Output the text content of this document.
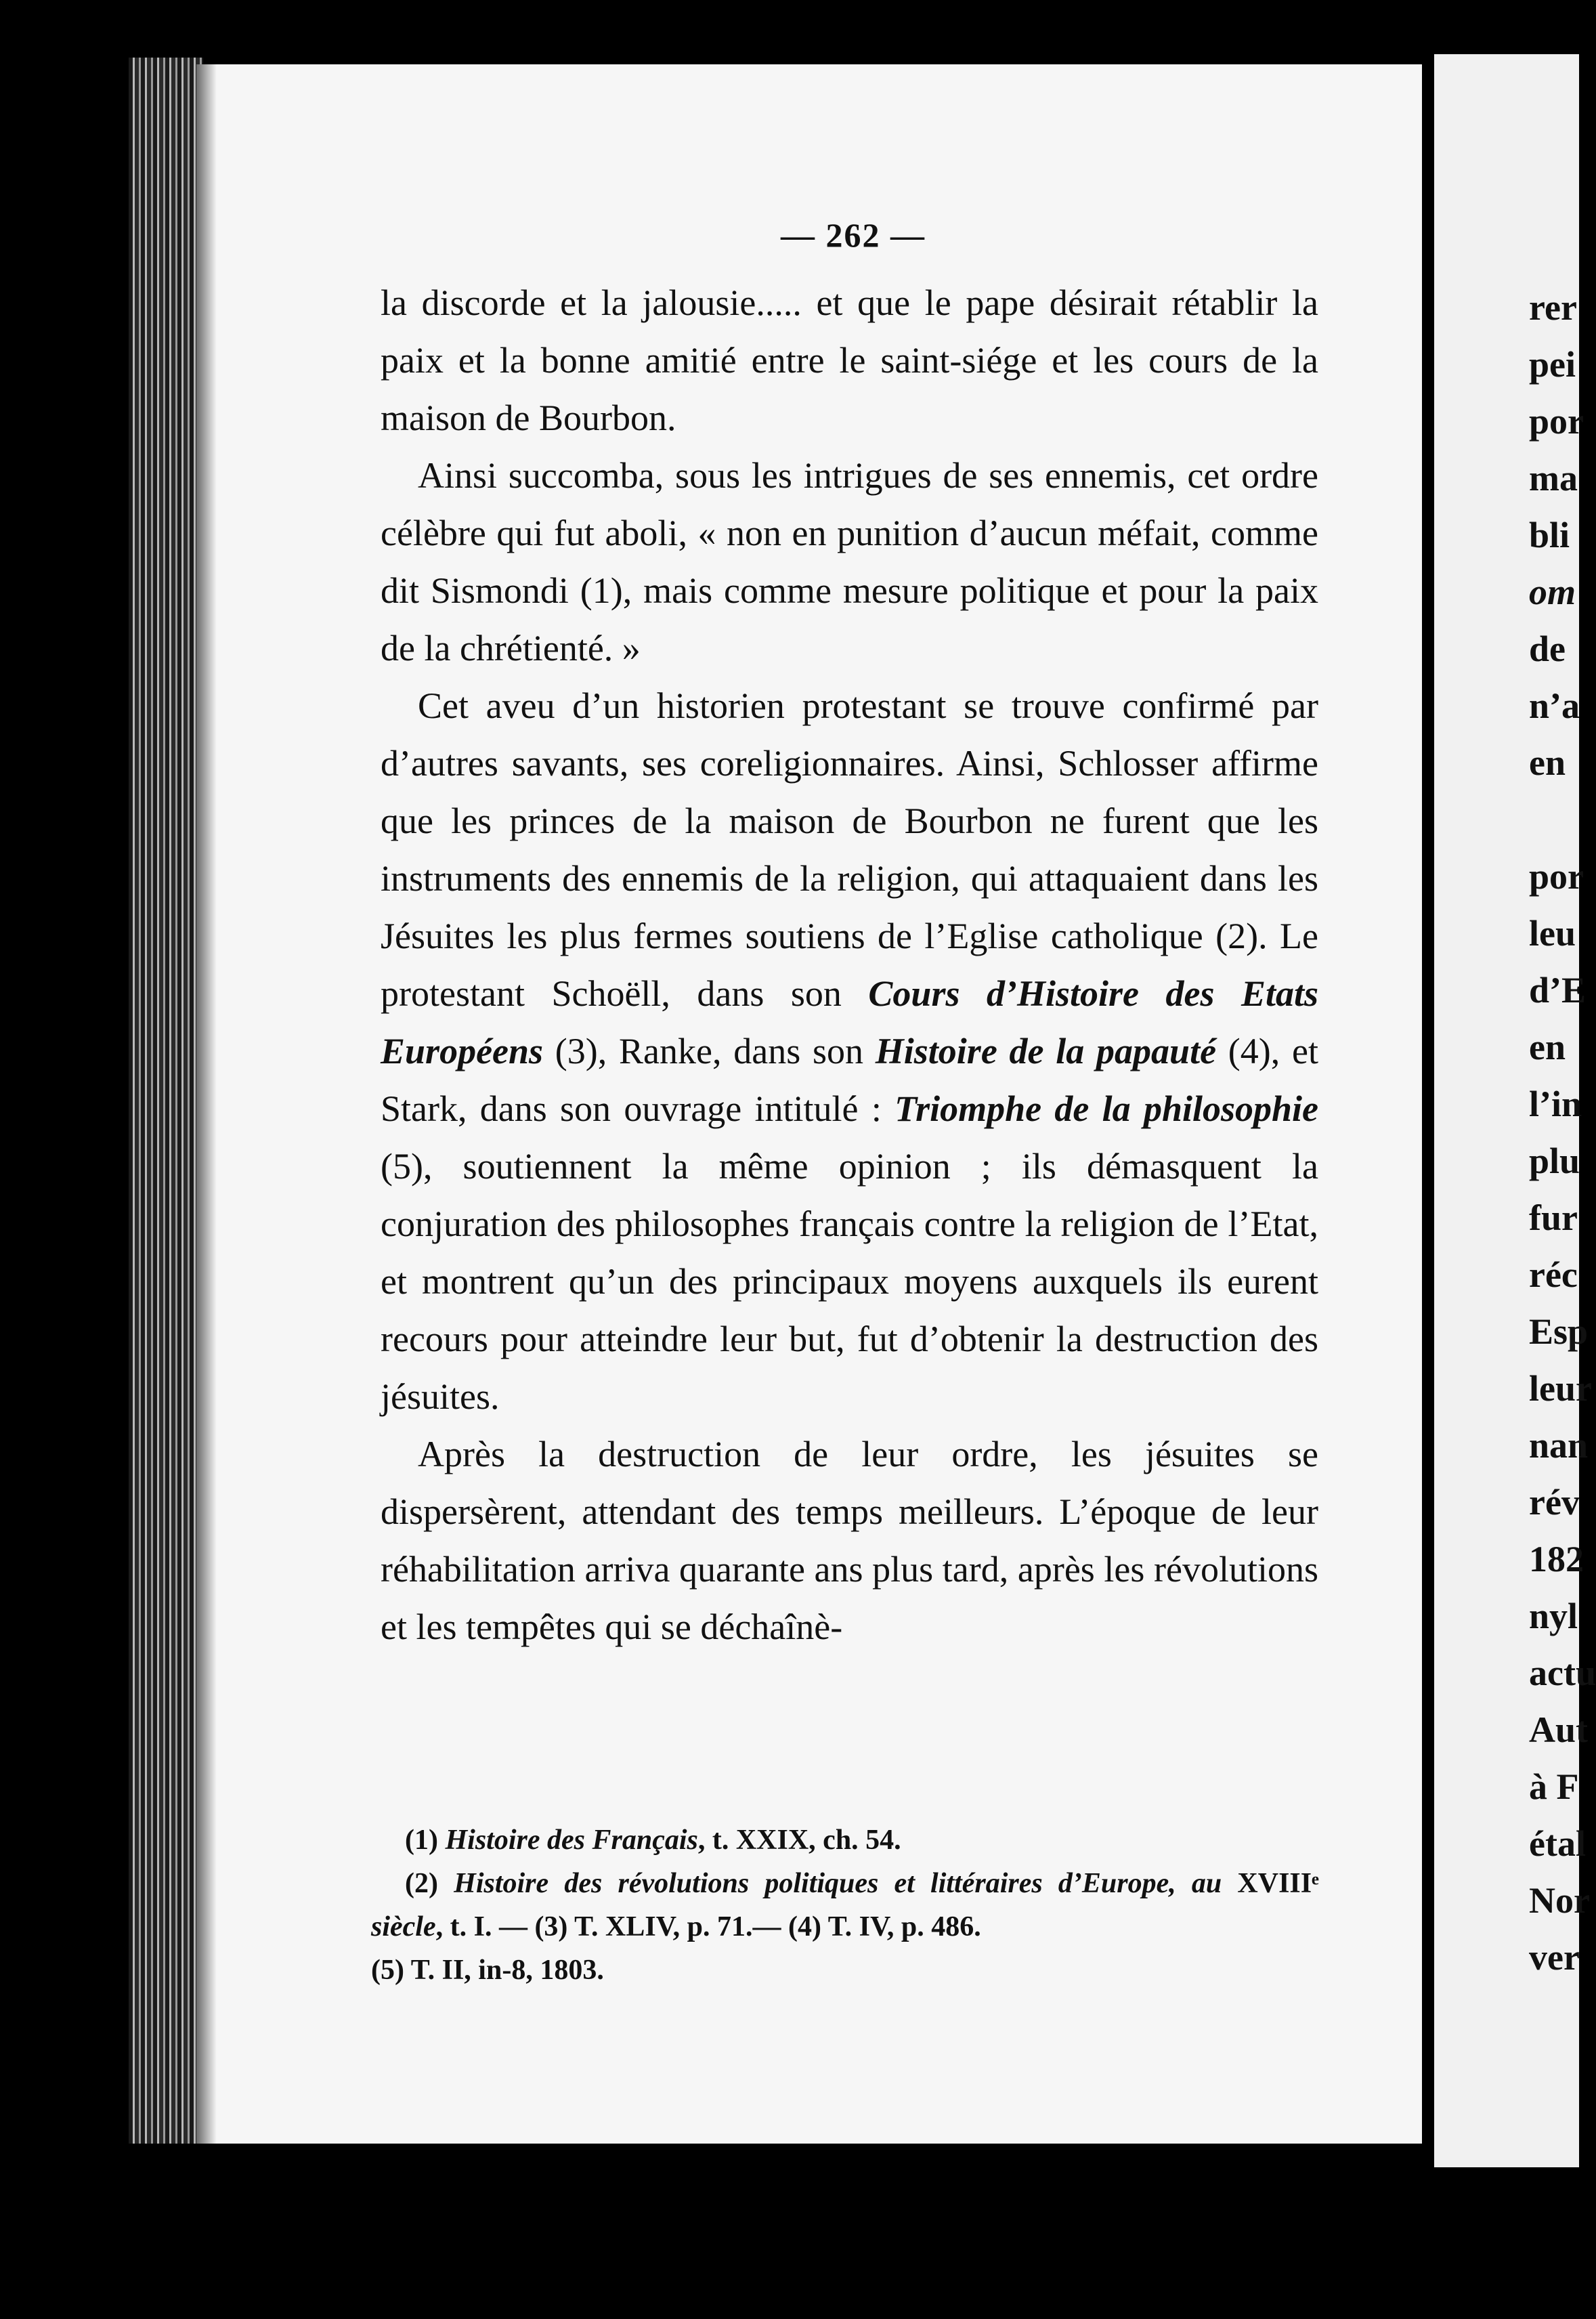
— 262 —

la discorde et la jalousie..... et que le pape désirait rétablir la paix et la bonne amitié entre le saint-siége et les cours de la maison de Bourbon.

Ainsi succomba, sous les intrigues de ses ennemis, cet ordre célèbre qui fut aboli, « non en punition d’aucun méfait, comme dit Sismondi (1), mais comme mesure politique et pour la paix de la chrétienté. »

Cet aveu d’un historien protestant se trouve confirmé par d’autres savants, ses coreligionnaires. Ainsi, Schlosser affirme que les princes de la maison de Bourbon ne furent que les instruments des ennemis de la religion, qui attaquaient dans les Jésuites les plus fermes soutiens de l’Eglise catholique (2). Le protestant Schoëll, dans son Cours d’Histoire des Etats Européens (3), Ranke, dans son Histoire de la papauté (4), et Stark, dans son ouvrage intitulé : Triomphe de la philosophie (5), soutiennent la même opinion ; ils démasquent la conjuration des philosophes français contre la religion de l’Etat, et montrent qu’un des principaux moyens auxquels ils eurent recours pour atteindre leur but, fut d’obtenir la destruction des jésuites.

Après la destruction de leur ordre, les jésuites se dispersèrent, attendant des temps meilleurs. L’époque de leur réhabilitation arriva quarante ans plus tard, après les révolutions et les tempêtes qui se déchaînè-

(1) Histoire des Français, t. XXIX, ch. 54.

(2) Histoire des révolutions politiques et littéraires d’Europe, au XVIIIᵉ siècle, t. I. — (3) T. XLIV, p. 71.— (4) T. IV, p. 486.

(5) T. II, in-8, 1803.

rer
pei
por
ma
bli
om
de
n’a
en
por
leu
d’E
en
l’in
plu
fur
réc
Esp
leur
nan
rév
182
nyl
actu
Aut
à F
étal
Nor
ver
